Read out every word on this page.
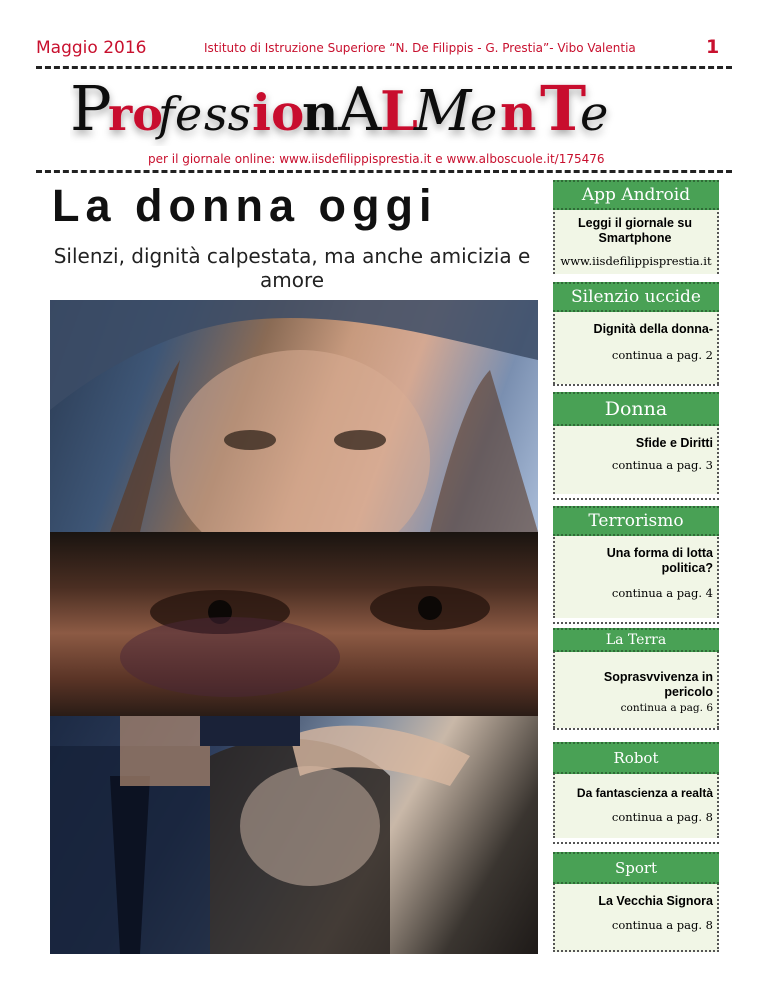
Maggio 2016	Istituto di Istruzione Superiore “N. De Filippis - G. Prestia”- Vibo Valentia	1
P
ro
fe ss io
n A
L
M
e n T
e
per il giornale online: www.iisdefilippisprestia.it e www.alboscuole.it/175476
La donna oggi
Silenzi, dignità calpestata, ma anche amicizia e amore
App Android
Leggi il giornale su Smartphone
www.iisdefilippisprestia.it
Silenzio uccide
Dignità della donna-
continua a pag. 2
Donna
Sfide e Diritti
continua a pag. 3
Terrorismo
Una forma di lotta politica?
continua a pag. 4
La Terra
Soprasvvivenza in pericolo
continua a pag. 6
Robot
Da fantascienza a realtà
continua a pag. 8
Sport
La Vecchia Signora
continua a pag. 8
